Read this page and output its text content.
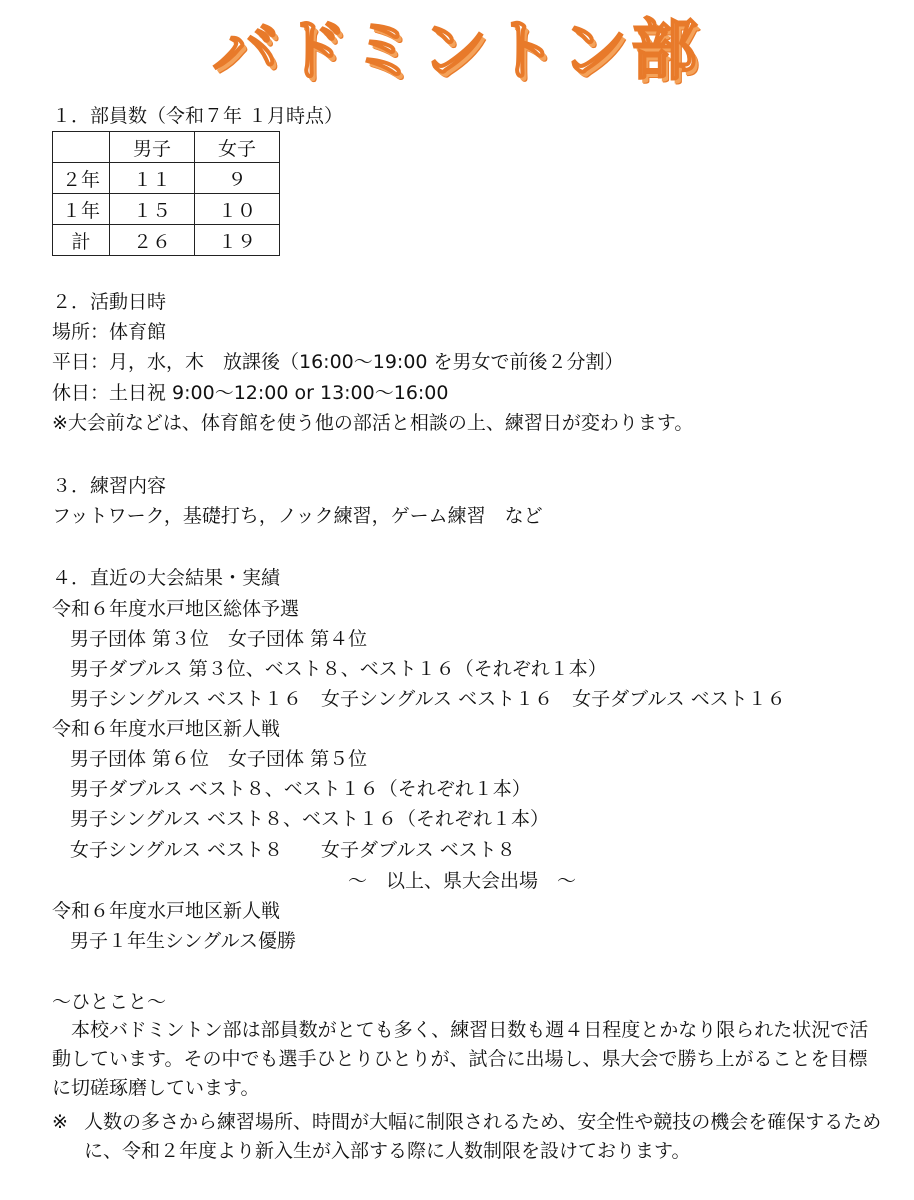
バドミントン部
１．部員数（令和７年 １月時点）
	男子	女子
２年	１１	９
１年	１５	１０
計	２６	１９
２．活動日時
場所：体育館
平日：月，水，木　放課後（16:00～19:00 を男女で前後２分割）
休日：土日祝 9:00～12:00 or 13:00～16:00
※大会前などは、体育館を使う他の部活と相談の上、練習日が変わります。
３．練習内容
フットワーク，基礎打ち，ノック練習，ゲーム練習　など
４．直近の大会結果・実績
令和６年度水戸地区総体予選
男子団体 第３位　女子団体 第４位
男子ダブルス 第３位、ベスト８、ベスト１６（それぞれ１本）
男子シングルス ベスト１６　女子シングルス ベスト１６　女子ダブルス ベスト１６
令和６年度水戸地区新人戦
男子団体 第６位　女子団体 第５位
男子ダブルス ベスト８、ベスト１６（それぞれ１本）
男子シングルス ベスト８、ベスト１６（それぞれ１本）
女子シングルス ベスト８　　女子ダブルス ベスト８
～　以上、県大会出場　～
令和６年度水戸地区新人戦
男子１年生シングルス優勝
～ひとこと～
　本校バドミントン部は部員数がとても多く、練習日数も週４日程度とかなり限られた状況で活動しています。その中でも選手ひとりひとりが、試合に出場し、県大会で勝ち上がることを目標に切磋琢磨しています。
※ 人数の多さから練習場所、時間が大幅に制限されるため、安全性や競技の機会を確保するために、令和２年度より新入生が入部する際に人数制限を設けております。
